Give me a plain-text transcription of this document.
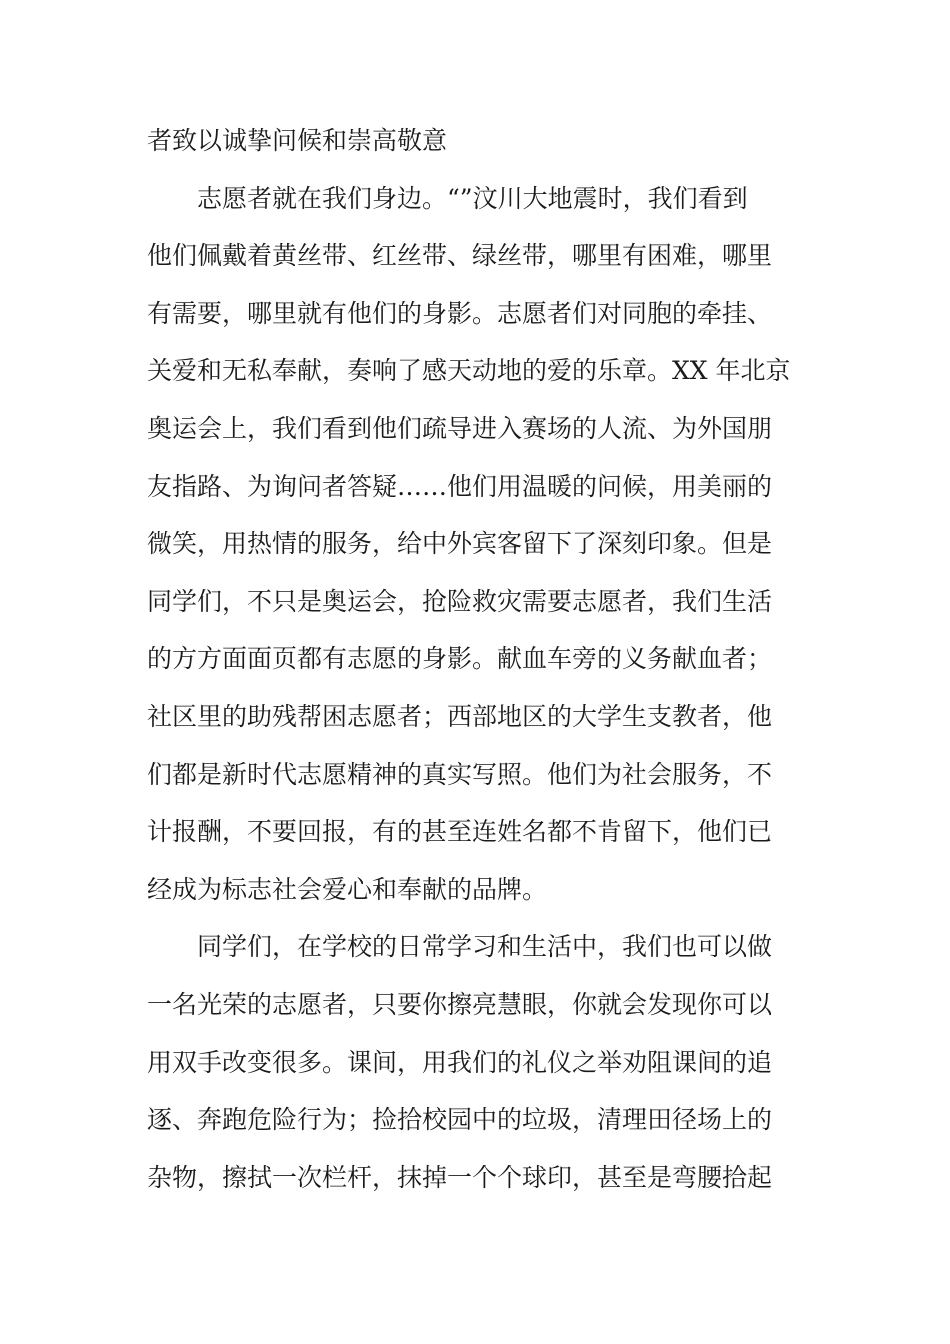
者致以诚挚问候和崇高敬意
志愿者就在我们身边。“”汶川大地震时，我们看到
他们佩戴着黄丝带、红丝带、绿丝带，哪里有困难，哪里
有需要，哪里就有他们的身影。志愿者们对同胞的牵挂、
关爱和无私奉献，奏响了感天动地的爱的乐章。XX 年北京
奥运会上，我们看到他们疏导进入赛场的人流、为外国朋
友指路、为询问者答疑……他们用温暖的问候，用美丽的
微笑，用热情的服务，给中外宾客留下了深刻印象。但是
同学们，不只是奥运会，抢险救灾需要志愿者，我们生活
的方方面面页都有志愿的身影。献血车旁的义务献血者；
社区里的助残帮困志愿者；西部地区的大学生支教者，他
们都是新时代志愿精神的真实写照。他们为社会服务，不
计报酬，不要回报，有的甚至连姓名都不肯留下，他们已
经成为标志社会爱心和奉献的品牌。
同学们，在学校的日常学习和生活中，我们也可以做
一名光荣的志愿者，只要你擦亮慧眼，你就会发现你可以
用双手改变很多。课间，用我们的礼仪之举劝阻课间的追
逐、奔跑危险行为；捡拾校园中的垃圾，清理田径场上的
杂物，擦拭一次栏杆，抹掉一个个球印，甚至是弯腰拾起
